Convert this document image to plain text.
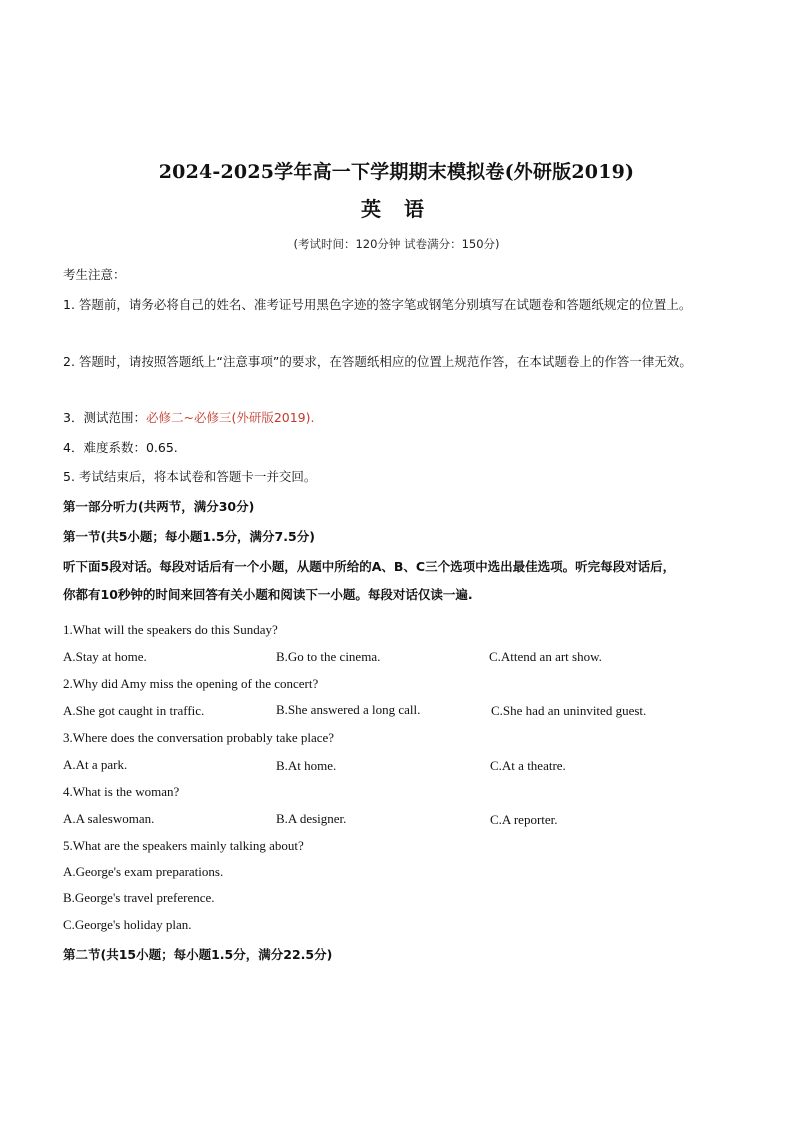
2024-2025学年高一下学期期末模拟卷(外研版2019)
英 语
(考试时间：120分钟 试卷满分：150分)
考生注意：
1. 答题前，请务必将自己的姓名、准考证号用黑色字迹的签字笔或钢笔分别填写在试题卷和答题纸规定的位置上。
2. 答题时，请按照答题纸上“注意事项”的要求，在答题纸相应的位置上规范作答，在本试题卷上的作答一律无效。
3．测试范围：必修二~必修三(外研版2019).
4．难度系数：0.65.
5. 考试结束后，将本试卷和答题卡一并交回。
第一部分听力(共两节，满分30分)
第一节(共5小题；每小题1.5分，满分7.5分)
听下面5段对话。每段对话后有一个小题，从题中所给的A、B、C三个选项中选出最佳选项。听完每段对话后，
你都有10秒钟的时间来回答有关小题和阅读下一小题。每段对话仅读一遍.
1.What will the speakers do this Sunday?
A.Stay at home.	B.Go to the cinema.	C.Attend an art show.
2.Why did Amy miss the opening of the concert?
A.She got caught in traffic.	B.She answered a long call.	C.She had an uninvited guest.
3.Where does the conversation probably take place?
A.At a park.	B.At home.	C.At a theatre.
4.What is the woman?
A.A saleswoman.	B.A designer.	C.A reporter.
5.What are the speakers mainly talking about?
A.George's exam preparations.
B.George's travel preference.
C.George's holiday plan.
第二节(共15小题；每小题1.5分，满分22.5分)
